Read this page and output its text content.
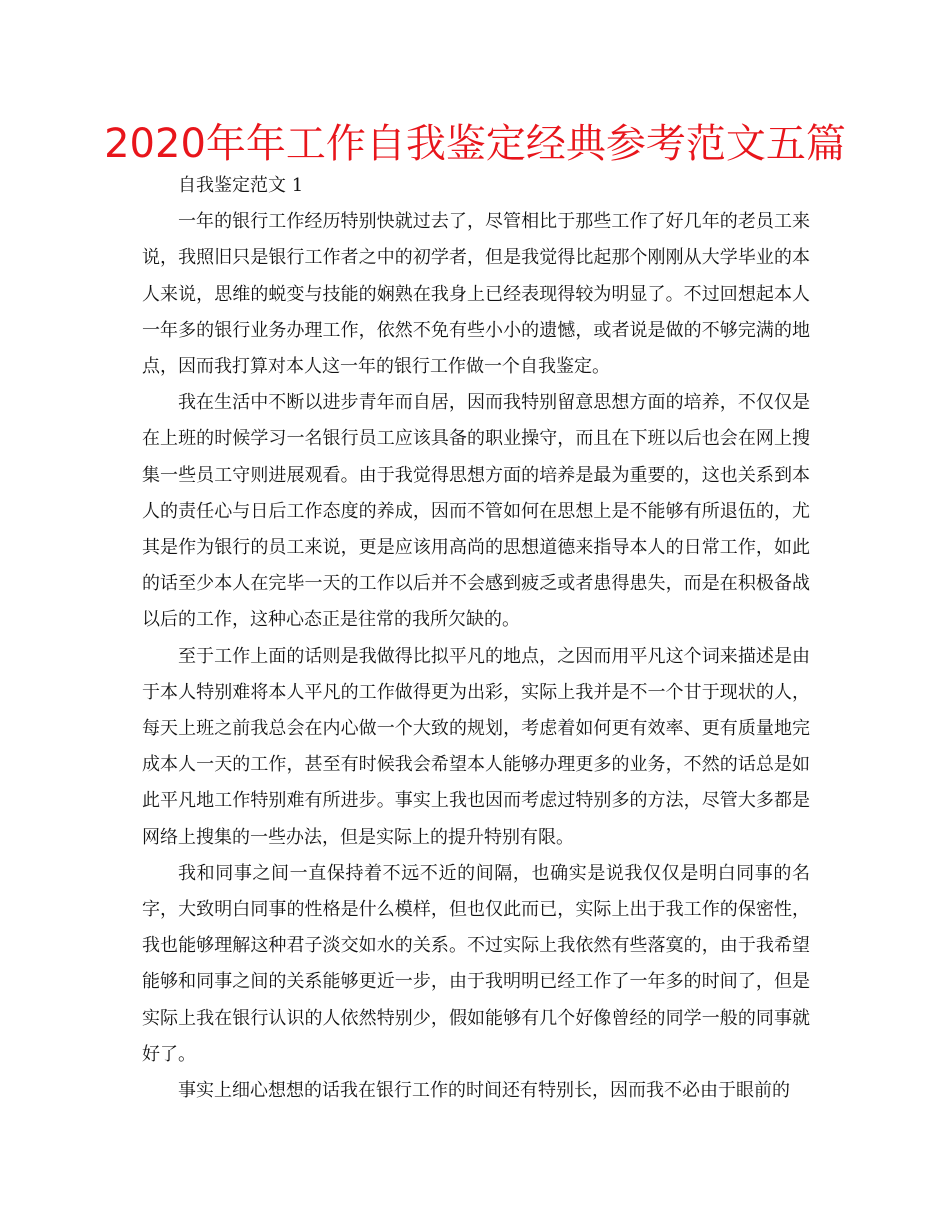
2020年年工作自我鉴定经典参考范文五篇

自我鉴定范文 1

一年的银行工作经历特别快就过去了，尽管相比于那些工作了好几年的老员工来说，我照旧只是银行工作者之中的初学者，但是我觉得比起那个刚刚从大学毕业的本人来说，思维的蜕变与技能的娴熟在我身上已经表现得较为明显了。不过回想起本人一年多的银行业务办理工作，依然不免有些小小的遗憾，或者说是做的不够完满的地点，因而我打算对本人这一年的银行工作做一个自我鉴定。

我在生活中不断以进步青年而自居，因而我特别留意思想方面的培养，不仅仅是在上班的时候学习一名银行员工应该具备的职业操守，而且在下班以后也会在网上搜集一些员工守则进展观看。由于我觉得思想方面的培养是最为重要的，这也关系到本人的责任心与日后工作态度的养成，因而不管如何在思想上是不能够有所退伍的，尤其是作为银行的员工来说，更是应该用高尚的思想道德来指导本人的日常工作，如此的话至少本人在完毕一天的工作以后并不会感到疲乏或者患得患失，而是在积极备战以后的工作，这种心态正是往常的我所欠缺的。

至于工作上面的话则是我做得比拟平凡的地点，之因而用平凡这个词来描述是由于本人特别难将本人平凡的工作做得更为出彩，实际上我并是不一个甘于现状的人，每天上班之前我总会在内心做一个大致的规划，考虑着如何更有效率、更有质量地完成本人一天的工作，甚至有时候我会希望本人能够办理更多的业务，不然的话总是如此平凡地工作特别难有所进步。事实上我也因而考虑过特别多的方法，尽管大多都是网络上搜集的一些办法，但是实际上的提升特别有限。

我和同事之间一直保持着不远不近的间隔，也确实是说我仅仅是明白同事的名字，大致明白同事的性格是什么模样，但也仅此而已，实际上出于我工作的保密性，我也能够理解这种君子淡交如水的关系。不过实际上我依然有些落寞的，由于我希望能够和同事之间的关系能够更近一步，由于我明明已经工作了一年多的时间了，但是实际上我在银行认识的人依然特别少，假如能够有几个好像曾经的同学一般的同事就好了。

事实上细心想想的话我在银行工作的时间还有特别长，因而我不必由于眼前的
